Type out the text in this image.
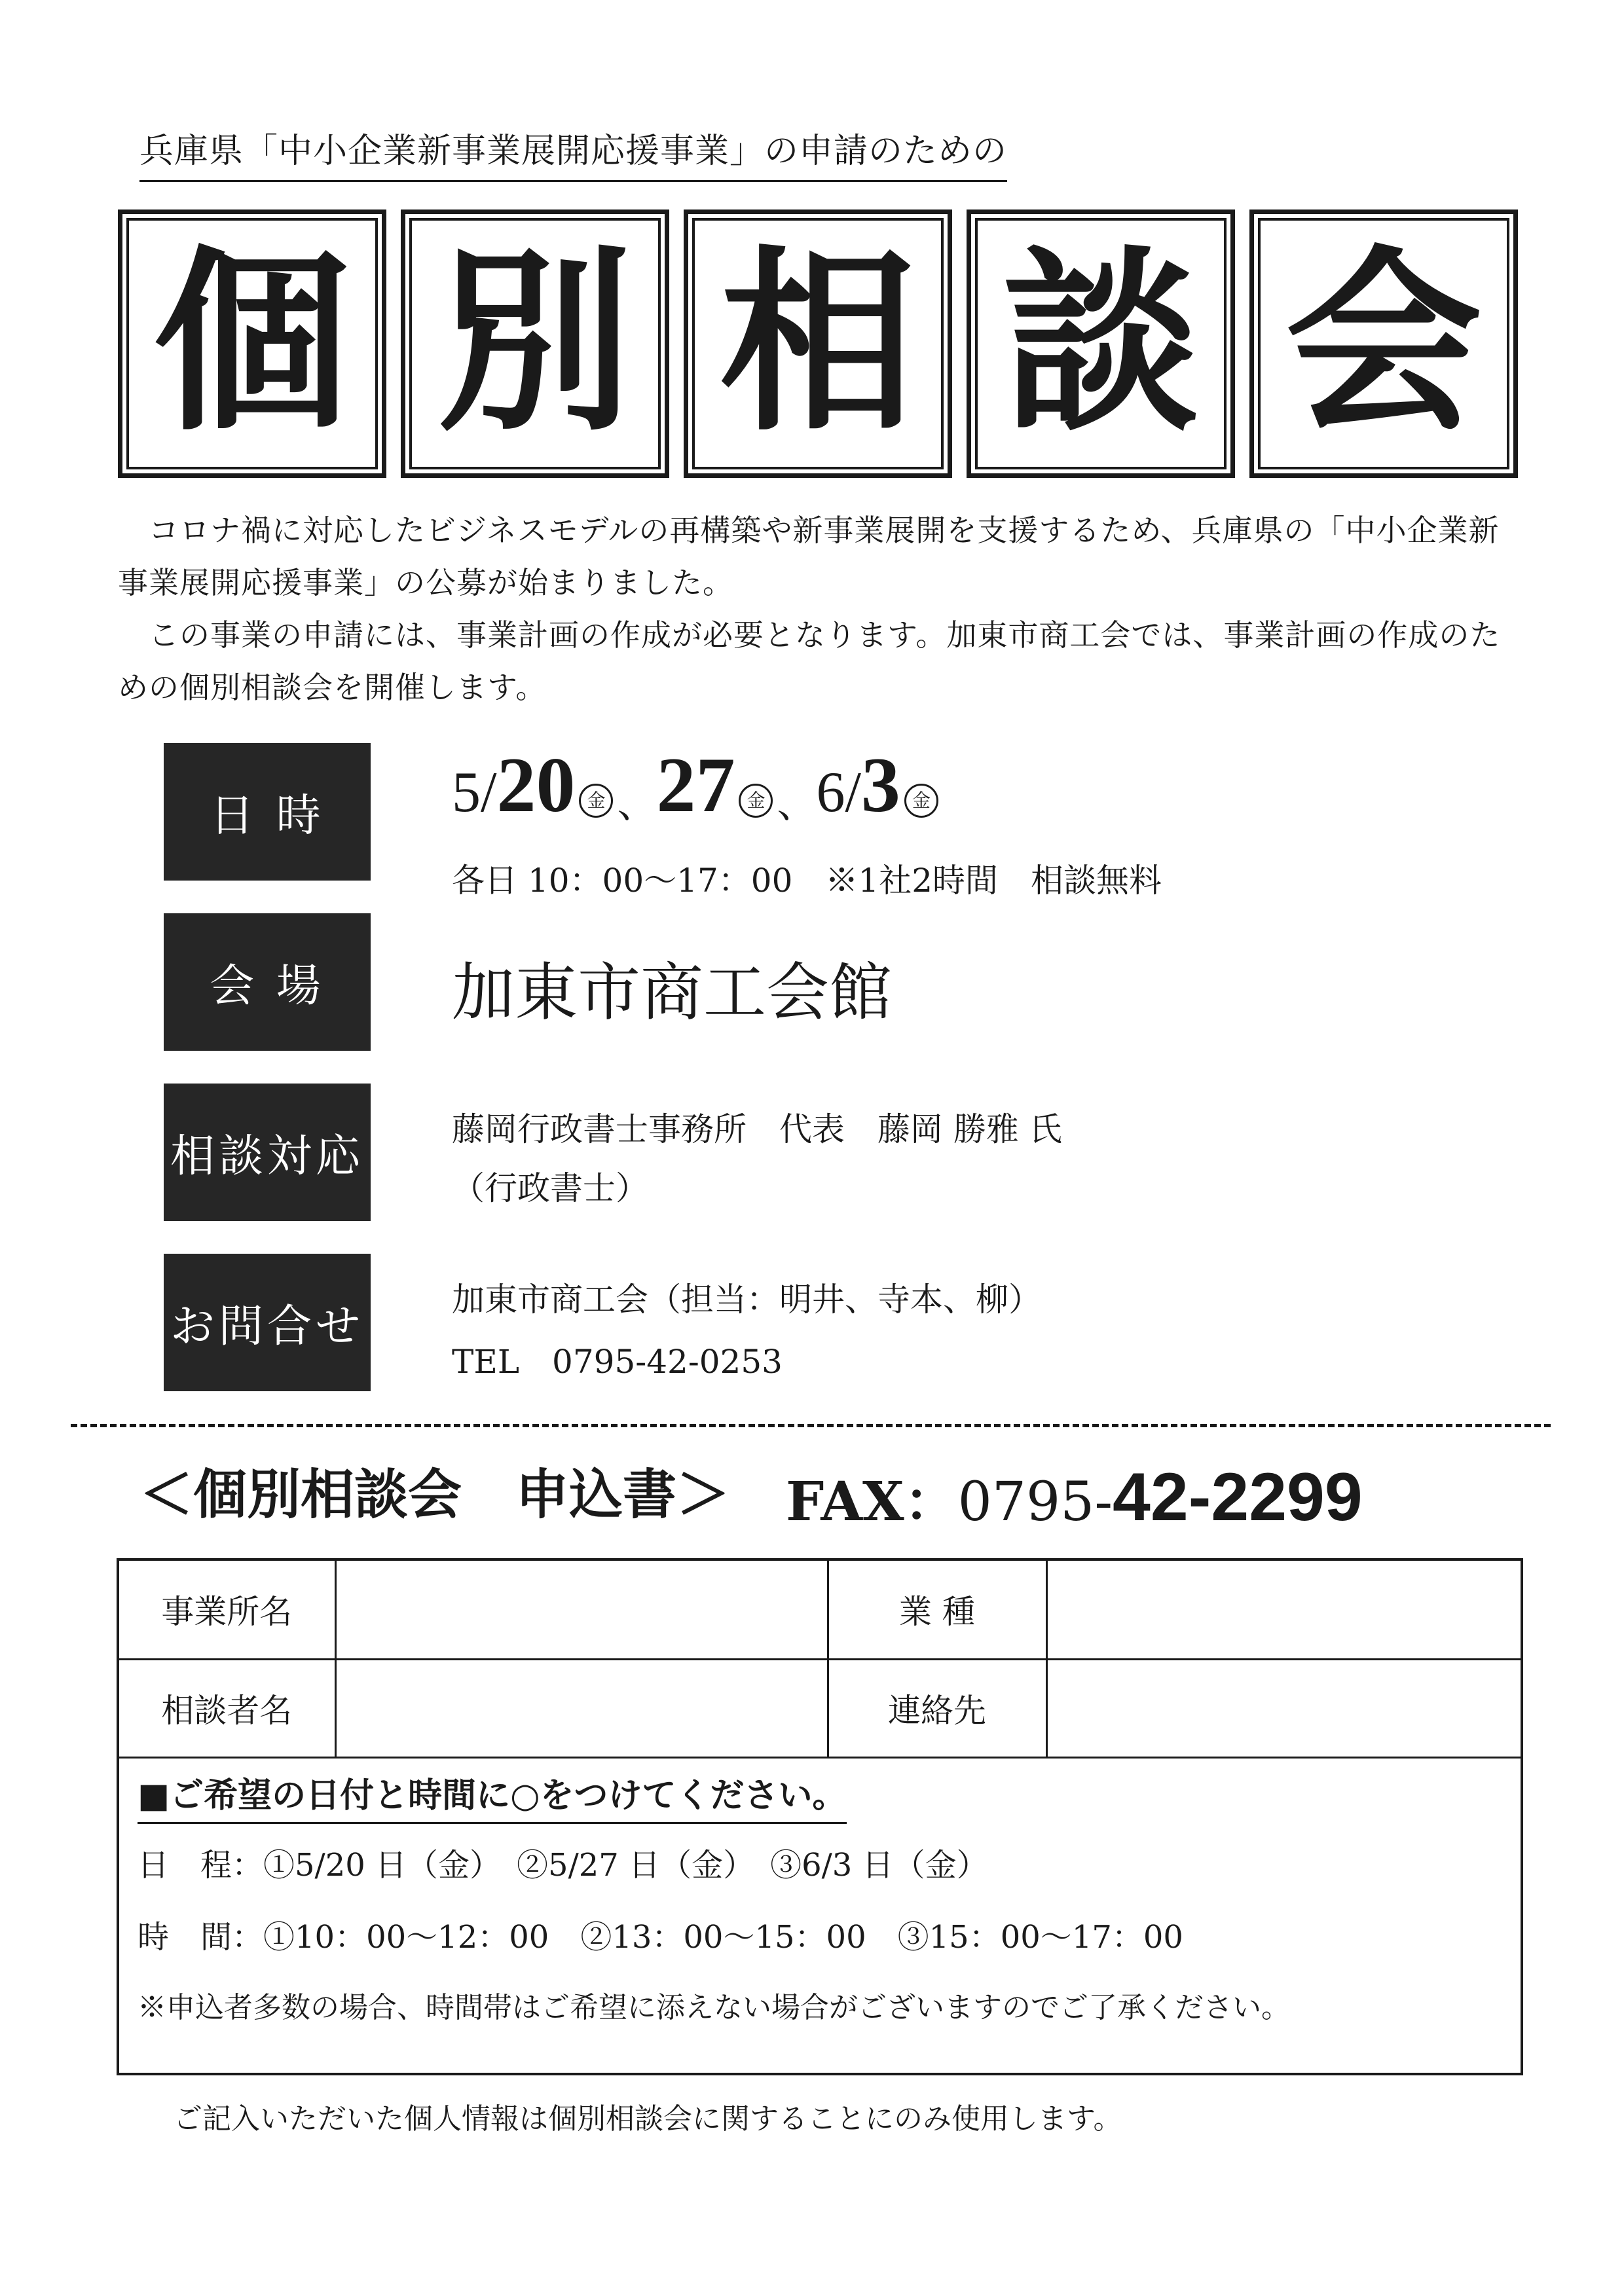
兵庫県「中小企業新事業展開応援事業」の申請のための
個 別 相 談 会

　コロナ禍に対応したビジネスモデルの再構築や新事業展開を支援するため、兵庫県の「中小企業新事業展開応援事業」の公募が始まりました。

　この事業の申請には、事業計画の作成が必要となります。加東市商工会では、事業計画の作成のための個別相談会を開催します。

日 時	5/20 金 、27 金 、6/3 金
各日 10：00～17：00　※1社2時間　相談無料
会 場	加東市商工会館
相談対応
藤岡行政書士事務所　代表　藤岡 勝雅 氏
（行政書士）
お問合せ
加東市商工会（担当：明井、寺本、柳）
TEL　0795-42-0253
＜個別相談会　申込書＞ FAX：0795-42-2299
事業所名		業 種	
相談者名		連絡先	
■ご希望の日付と時間に○をつけてください。
日　程：①5/20 日（金）　②5/27 日（金）　③6/3 日（金）
時　間：①10：00～12：00　②13：00～15：00　③15：00～17：00
※申込者多数の場合、時間帯はご希望に添えない場合がございますのでご了承ください。
ご記入いただいた個人情報は個別相談会に関することにのみ使用します。
